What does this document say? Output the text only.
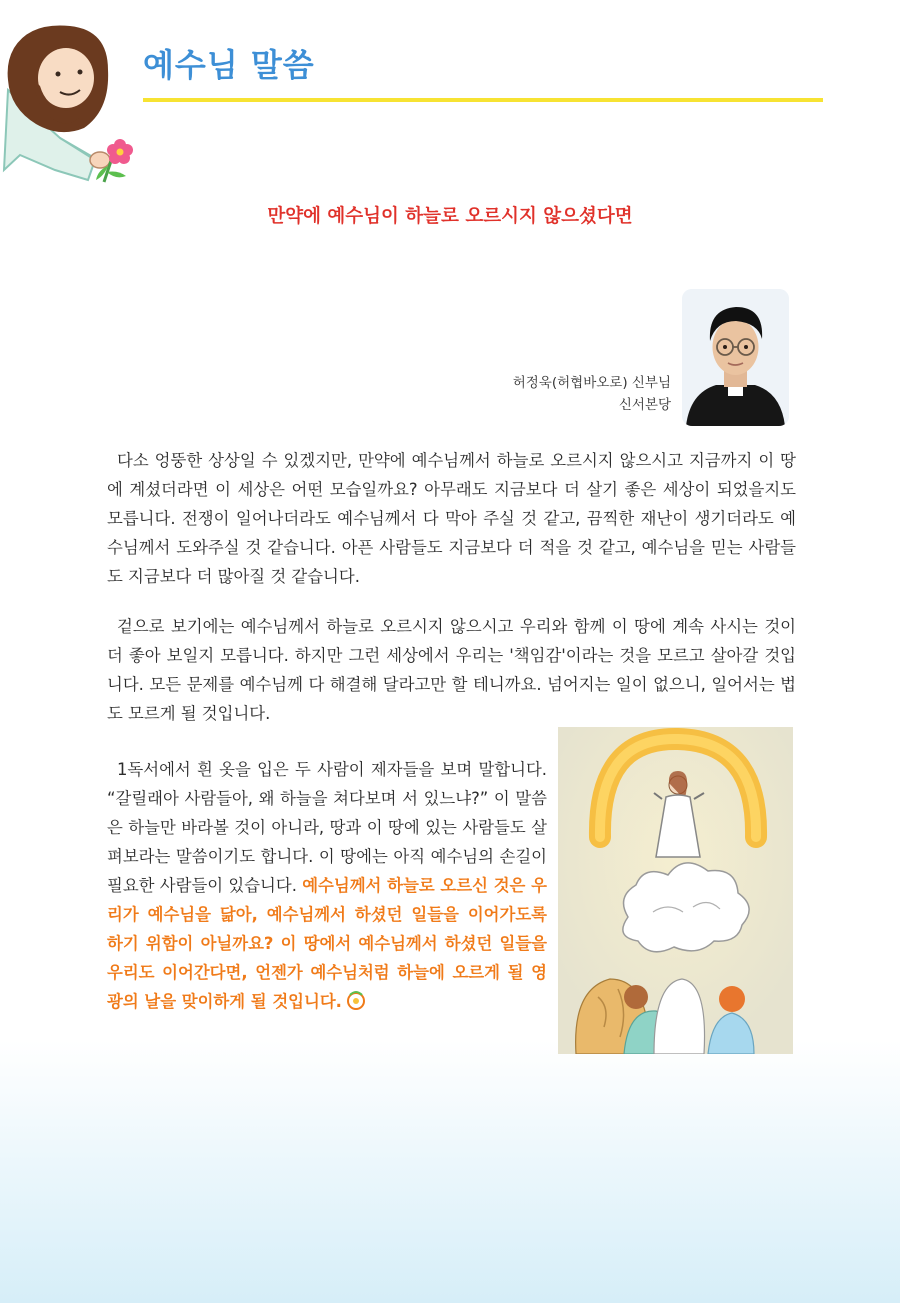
예수님 말씀
만약에 예수님이 하늘로 오르시지 않으셨다면
허정욱(허협바오로) 신부님
신서본당

다소 엉뚱한 상상일 수 있겠지만, 만약에 예수님께서 하늘로 오르시지 않으시고 지금까지 이 땅에 계셨더라면 이 세상은 어떤 모습일까요? 아무래도 지금보다 더 살기 좋은 세상이 되었을지도 모릅니다. 전쟁이 일어나더라도 예수님께서 다 막아 주실 것 같고, 끔찍한 재난이 생기더라도 예수님께서 도와주실 것 같습니다. 아픈 사람들도 지금보다 더 적을 것 같고, 예수님을 믿는 사람들도 지금보다 더 많아질 것 같습니다.

겉으로 보기에는 예수님께서 하늘로 오르시지 않으시고 우리와 함께 이 땅에 계속 사시는 것이 더 좋아 보일지 모릅니다. 하지만 그런 세상에서 우리는 '책임감'이라는 것을 모르고 살아갈 것입니다. 모든 문제를 예수님께 다 해결해 달라고만 할 테니까요. 넘어지는 일이 없으니, 일어서는 법도 모르게 될 것입니다.

1독서에서 흰 옷을 입은 두 사람이 제자들을 보며 말합니다. “갈릴래아 사람들아, 왜 하늘을 쳐다보며 서 있느냐?” 이 말씀은 하늘만 바라볼 것이 아니라, 땅과 이 땅에 있는 사람들도 살펴보라는 말씀이기도 합니다. 이 땅에는 아직 예수님의 손길이 필요한 사람들이 있습니다. 예수님께서 하늘로 오르신 것은 우리가 예수님을 닮아, 예수님께서 하셨던 일들을 이어가도록 하기 위함이 아닐까요? 이 땅에서 예수님께서 하셨던 일들을 우리도 이어간다면, 언젠가 예수님처럼 하늘에 오르게 될 영광의 날을 맞이하게 될 것입니다.
